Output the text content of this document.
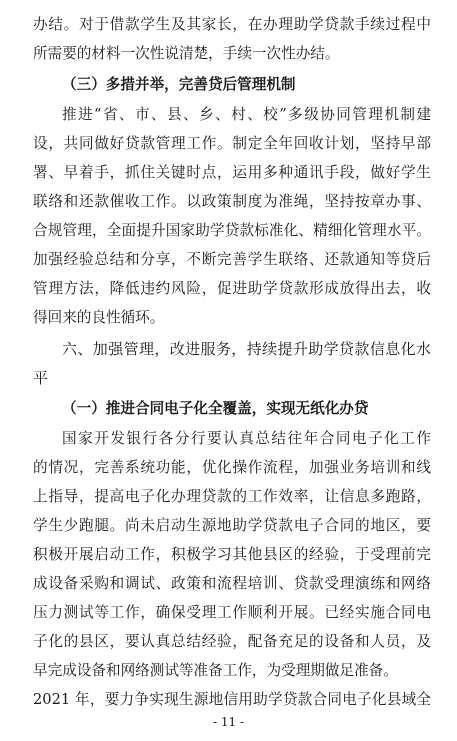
办结。对于借款学生及其家长，在办理助学贷款手续过程中
所需要的材料一次性说清楚，手续一次性办结。
（三）多措并举，完善贷后管理机制
推进“省、市、县、乡、村、校”多级协同管理机制建
设，共同做好贷款管理工作。制定全年回收计划，坚持早部
署、早着手，抓住关键时点，运用多种通讯手段，做好学生
联络和还款催收工作。以政策制度为准绳，坚持按章办事、
合规管理，全面提升国家助学贷款标准化、精细化管理水平。
加强经验总结和分享，不断完善学生联络、还款通知等贷后
管理方法，降低违约风险，促进助学贷款形成放得出去，收
得回来的良性循环。
六、加强管理，改进服务，持续提升助学贷款信息化水
平
（一）推进合同电子化全覆盖，实现无纸化办贷
国家开发银行各分行要认真总结往年合同电子化工作
的情况，完善系统功能，优化操作流程，加强业务培训和线
上指导，提高电子化办理贷款的工作效率，让信息多跑路，
学生少跑腿。尚未启动生源地助学贷款电子合同的地区，要
积极开展启动工作，积极学习其他县区的经验，于受理前完
成设备采购和调试、政策和流程培训、贷款受理演练和网络
压力测试等工作，确保受理工作顺利开展。已经实施合同电
子化的县区，要认真总结经验，配备充足的设备和人员，及
早完成设备和网络测试等准备工作，为受理期做足准备。
2021 年，要力争实现生源地信用助学贷款合同电子化县域全
- 11 -
